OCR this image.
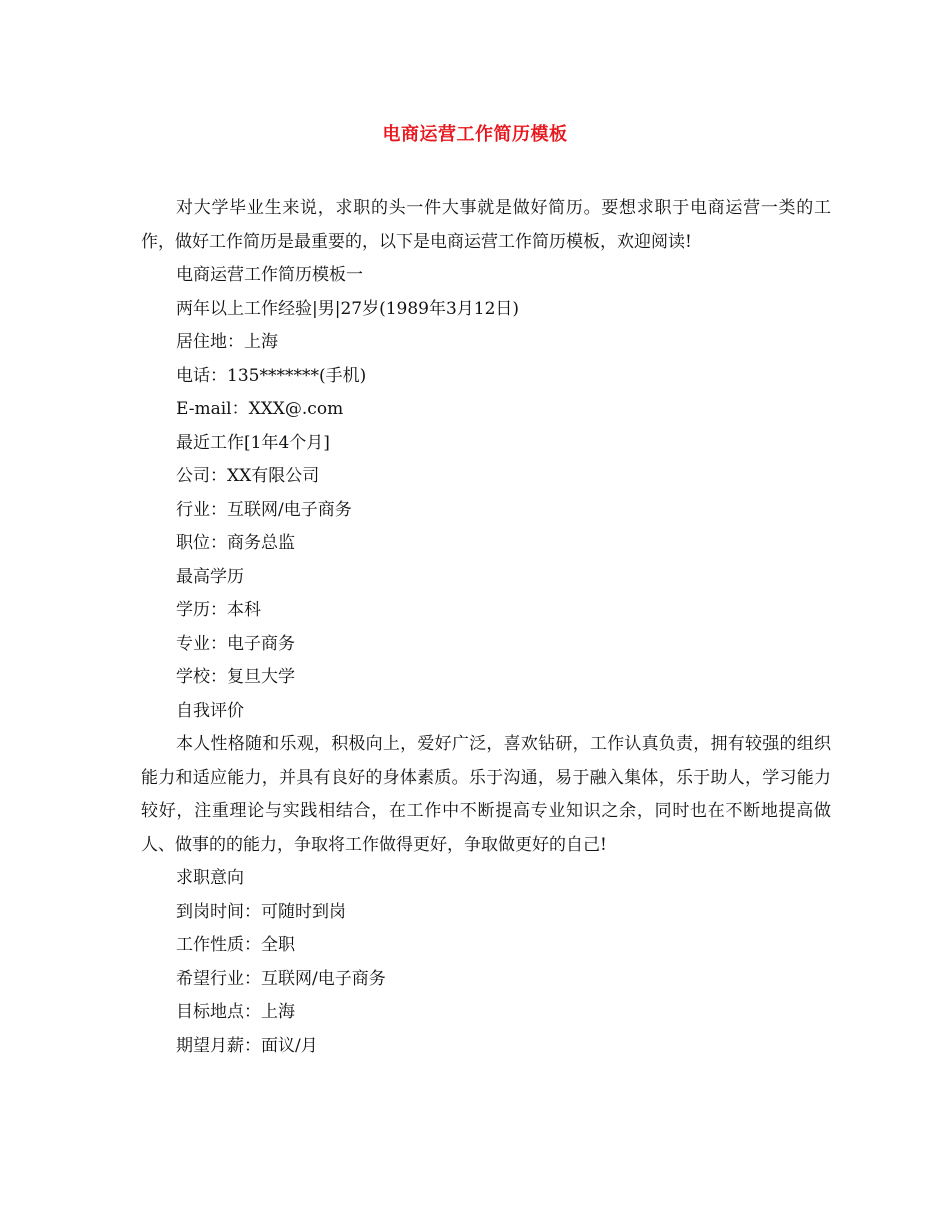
电商运营工作简历模板

对大学毕业生来说，求职的头一件大事就是做好简历。要想求职于电商运营一类的工作，做好工作简历是最重要的，以下是电商运营工作简历模板，欢迎阅读!

电商运营工作简历模板一

两年以上工作经验|男|27岁(1989年3月12日)

居住地：上海

电话：135*******(手机)

E-mail：XXX@.com

最近工作[1年4个月]

公司：XX有限公司

行业：互联网/电子商务

职位：商务总监

最高学历

学历：本科

专业：电子商务

学校：复旦大学

自我评价

本人性格随和乐观，积极向上，爱好广泛，喜欢钻研，工作认真负责，拥有较强的组织能力和适应能力，并具有良好的身体素质。乐于沟通，易于融入集体，乐于助人，学习能力较好，注重理论与实践相结合，在工作中不断提高专业知识之余，同时也在不断地提高做人、做事的的能力，争取将工作做得更好，争取做更好的自己!

求职意向

到岗时间：可随时到岗

工作性质：全职

希望行业：互联网/电子商务

目标地点：上海

期望月薪：面议/月
